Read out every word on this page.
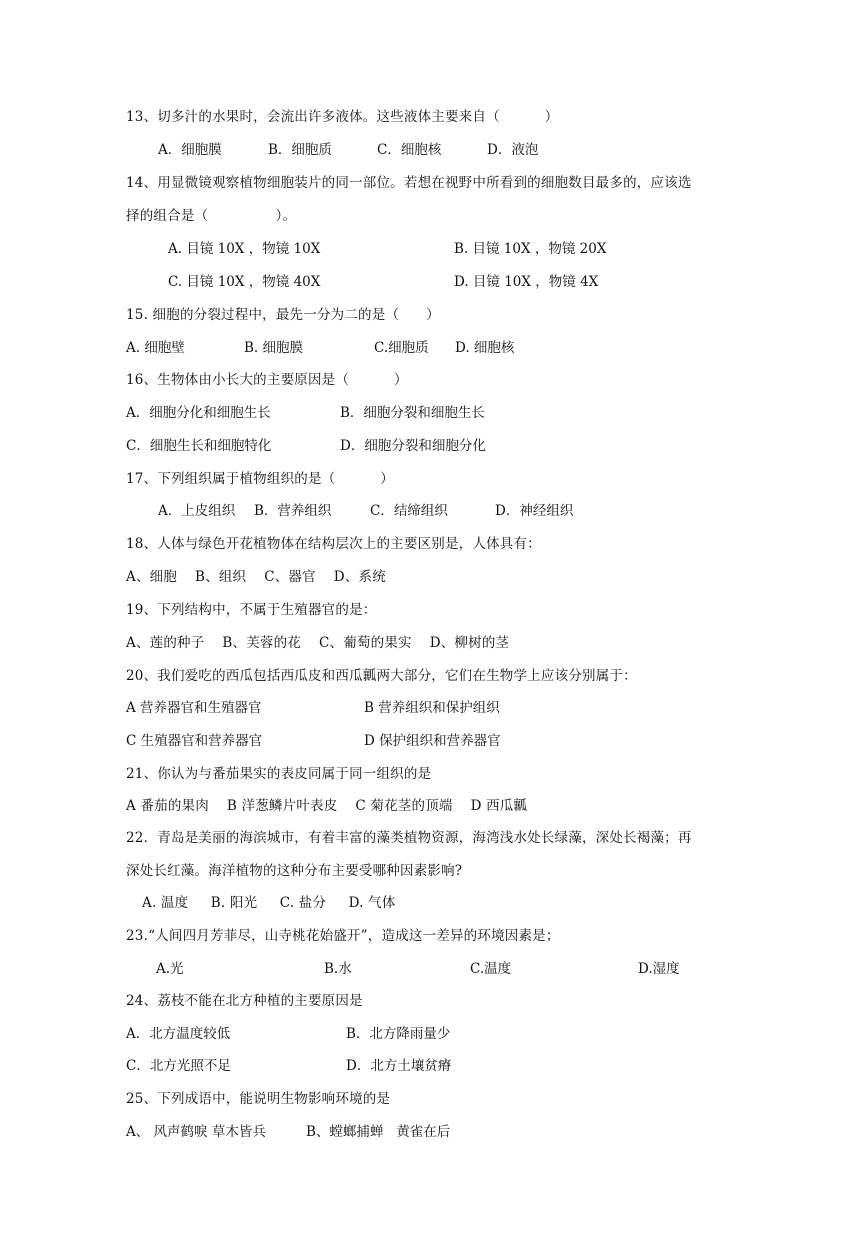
13、切多汁的水果时，会流出许多液体。这些液体主要来自（          ）
A．细胞膜	B．细胞质	C．细胞核	D．液泡
14、用显微镜观察植物细胞装片的同一部位。若想在视野中所看到的细胞数目最多的，应该选
择的组合是（               ）。
A. 目镜 10X ，物镜 10X	B. 目镜 10X ，物镜 20X
C. 目镜 10X ，物镜 40X	D. 目镜 10X ，物镜 4X
15. 细胞的分裂过程中，最先一分为二的是（      ）
A. 细胞壁	B. 细胞膜	C.细胞质 D. 细胞核
16、生物体由小长大的主要原因是（          ）
A．细胞分化和细胞生长	B．细胞分裂和细胞生长
C．细胞生长和细胞特化	D．细胞分裂和细胞分化
17、下列组织属于植物组织的是（          ）
A．上皮组织 B．营养组织	C．结缔组织	D．神经组织
18、人体与绿色开花植物体在结构层次上的主要区别是，人体具有：
A、细胞    B、组织    C、器官    D、系统
19、下列结构中，不属于生殖器官的是：
A、莲的种子    B、芙蓉的花    C、葡萄的果实    D、柳树的茎
20、我们爱吃的西瓜包括西瓜皮和西瓜瓤两大部分，它们在生物学上应该分别属于：
A 营养器官和生殖器官	B 营养组织和保护组织
C 生殖器官和营养器官	D 保护组织和营养器官
21、你认为与番茄果实的表皮同属于同一组织的是
A 番茄的果肉    B 洋葱鳞片叶表皮    C 菊花茎的顶端    D 西瓜瓤
22．青岛是美丽的海滨城市，有着丰富的藻类植物资源，海湾浅水处长绿藻，深处长褐藻；再
深处长红藻。海洋植物的这种分布主要受哪种因素影响?
A. 温度     B. 阳光     C. 盐分     D. 气体
23.“人间四月芳菲尽，山寺桃花始盛开”，造成这一差异的环境因素是；
A.光	B.水	C.温度	D.湿度
24、荔枝不能在北方种植的主要原因是
A．北方温度较低	B．北方降雨量少
C．北方光照不足	D．北方土壤贫瘠
25、下列成语中，能说明生物影响环境的是
A、 风声鹤唳 草木皆兵	B、螳螂捕蝉   黄雀在后
